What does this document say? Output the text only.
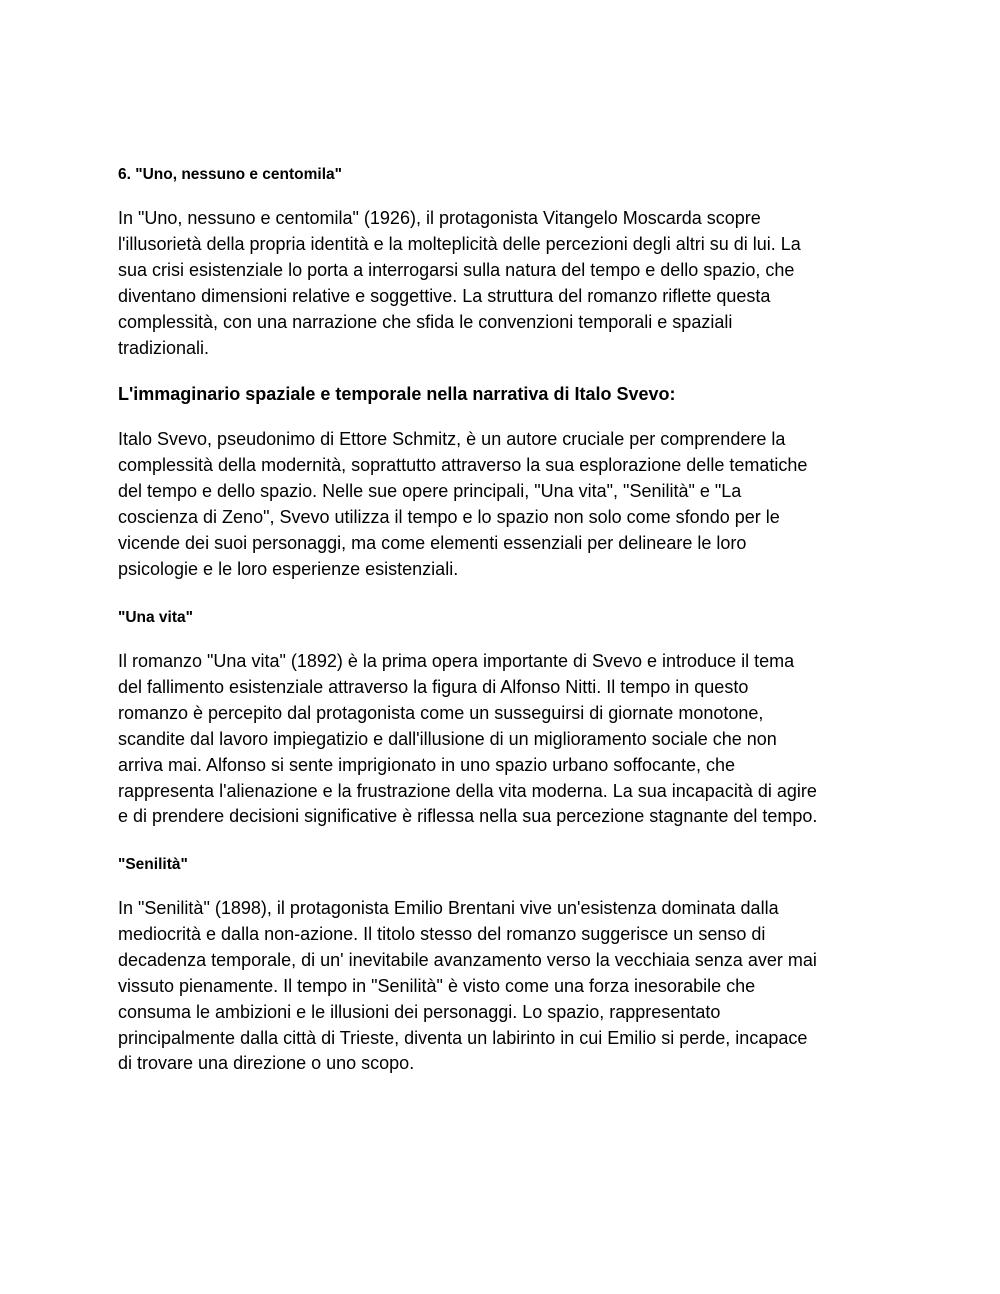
6. "Uno, nessuno e centomila"
In "Uno, nessuno e centomila" (1926), il protagonista Vitangelo Moscarda scopre
l'illusorietà della propria identità e la molteplicità delle percezioni degli altri su di lui. La
sua crisi esistenziale lo porta a interrogarsi sulla natura del tempo e dello spazio, che
diventano dimensioni relative e soggettive. La struttura del romanzo riflette questa
complessità, con una narrazione che sfida le convenzioni temporali e spaziali
tradizionali.
L'immaginario spaziale e temporale nella narrativa di Italo Svevo:
Italo Svevo, pseudonimo di Ettore Schmitz, è un autore cruciale per comprendere la
complessità della modernità, soprattutto attraverso la sua esplorazione delle tematiche
del tempo e dello spazio. Nelle sue opere principali, "Una vita", "Senilità" e "La
coscienza di Zeno", Svevo utilizza il tempo e lo spazio non solo come sfondo per le
vicende dei suoi personaggi, ma come elementi essenziali per delineare le loro
psicologie e le loro esperienze esistenziali.
"Una vita"
Il romanzo "Una vita" (1892) è la prima opera importante di Svevo e introduce il tema
del fallimento esistenziale attraverso la figura di Alfonso Nitti. Il tempo in questo
romanzo è percepito dal protagonista come un susseguirsi di giornate monotone,
scandite dal lavoro impiegatizio e dall'illusione di un miglioramento sociale che non
arriva mai. Alfonso si sente imprigionato in uno spazio urbano soffocante, che
rappresenta l'alienazione e la frustrazione della vita moderna. La sua incapacità di agire
e di prendere decisioni significative è riflessa nella sua percezione stagnante del tempo.
"Senilità"
In "Senilità" (1898), il protagonista Emilio Brentani vive un'esistenza dominata dalla
mediocrità e dalla non-azione. Il titolo stesso del romanzo suggerisce un senso di
decadenza temporale, di un' inevitabile avanzamento verso la vecchiaia senza aver mai
vissuto pienamente. Il tempo in "Senilità" è visto come una forza inesorabile che
consuma le ambizioni e le illusioni dei personaggi. Lo spazio, rappresentato
principalmente dalla città di Trieste, diventa un labirinto in cui Emilio si perde, incapace
di trovare una direzione o uno scopo.
